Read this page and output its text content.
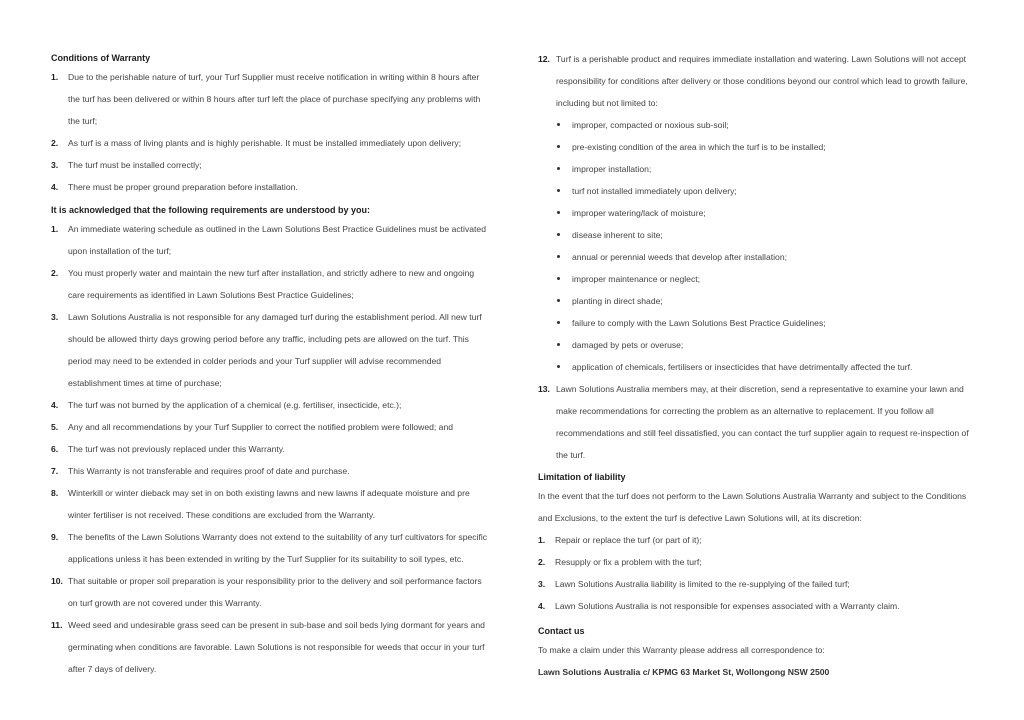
Conditions of Warranty
1. Due to the perishable nature of turf, your Turf Supplier must receive notification in writing within 8 hours after the turf has been delivered or within 8 hours after turf left the place of purchase specifying any problems with the turf;
2. As turf is a mass of living plants and is highly perishable. It must be installed immediately upon delivery;
3. The turf must be installed correctly;
4. There must be proper ground preparation before installation.
It is acknowledged that the following requirements are understood by you:
1. An immediate watering schedule as outlined in the Lawn Solutions Best Practice Guidelines must be activated upon installation of the turf;
2. You must properly water and maintain the new turf after installation, and strictly adhere to new and ongoing care requirements as identified in Lawn Solutions Best Practice Guidelines;
3. Lawn Solutions Australia is not responsible for any damaged turf during the establishment period. All new turf should be allowed thirty days growing period before any traffic, including pets are allowed on the turf. This period may need to be extended in colder periods and your Turf supplier will advise recommended establishment times at time of purchase;
4. The turf was not burned by the application of a chemical (e.g. fertiliser, insecticide, etc.);
5. Any and all recommendations by your Turf Supplier to correct the notified problem were followed; and
6. The turf was not previously replaced under this Warranty.
7. This Warranty is not transferable and requires proof of date and purchase.
8. Winterkill or winter dieback may set in on both existing lawns and new lawns if adequate moisture and pre winter fertiliser is not received. These conditions are excluded from the Warranty.
9. The benefits of the Lawn Solutions Warranty does not extend to the suitability of any turf cultivators for specific applications unless it has been extended in writing by the Turf Supplier for its suitability to soil types, etc.
10. That suitable or proper soil preparation is your responsibility prior to the delivery and soil performance factors on turf growth are not covered under this Warranty.
11. Weed seed and undesirable grass seed can be present in sub-base and soil beds lying dormant for years and germinating when conditions are favorable. Lawn Solutions is not responsible for weeds that occur in your turf after 7 days of delivery.
12. Turf is a perishable product and requires immediate installation and watering. Lawn Solutions will not accept responsibility for conditions after delivery or those conditions beyond our control which lead to growth failure, including but not limited to:
improper, compacted or noxious sub-soil;
pre-existing condition of the area in which the turf is to be installed;
improper installation;
turf not installed immediately upon delivery;
improper watering/lack of moisture;
disease inherent to site;
annual or perennial weeds that develop after installation;
improper maintenance or neglect;
planting in direct shade;
failure to comply with the Lawn Solutions Best Practice Guidelines;
damaged by pets or overuse;
application of chemicals, fertilisers or insecticides that have detrimentally affected the turf.
13. Lawn Solutions Australia members may, at their discretion, send a representative to examine your lawn and make recommendations for correcting the problem as an alternative to replacement. If you follow all recommendations and still feel dissatisfied, you can contact the turf supplier again to request re-inspection of the turf.
Limitation of liability
In the event that the turf does not perform to the Lawn Solutions Australia Warranty and subject to the Conditions and Exclusions, to the extent the turf is defective Lawn Solutions will, at its discretion:
1. Repair or replace the turf (or part of it);
2. Resupply or fix a problem with the turf;
3. Lawn Solutions Australia liability is limited to the re-supplying of the failed turf;
4. Lawn Solutions Australia is not responsible for expenses associated with a Warranty claim.
Contact us
To make a claim under this Warranty please address all correspondence to:
Lawn Solutions Australia c/ KPMG 63 Market St, Wollongong NSW 2500
